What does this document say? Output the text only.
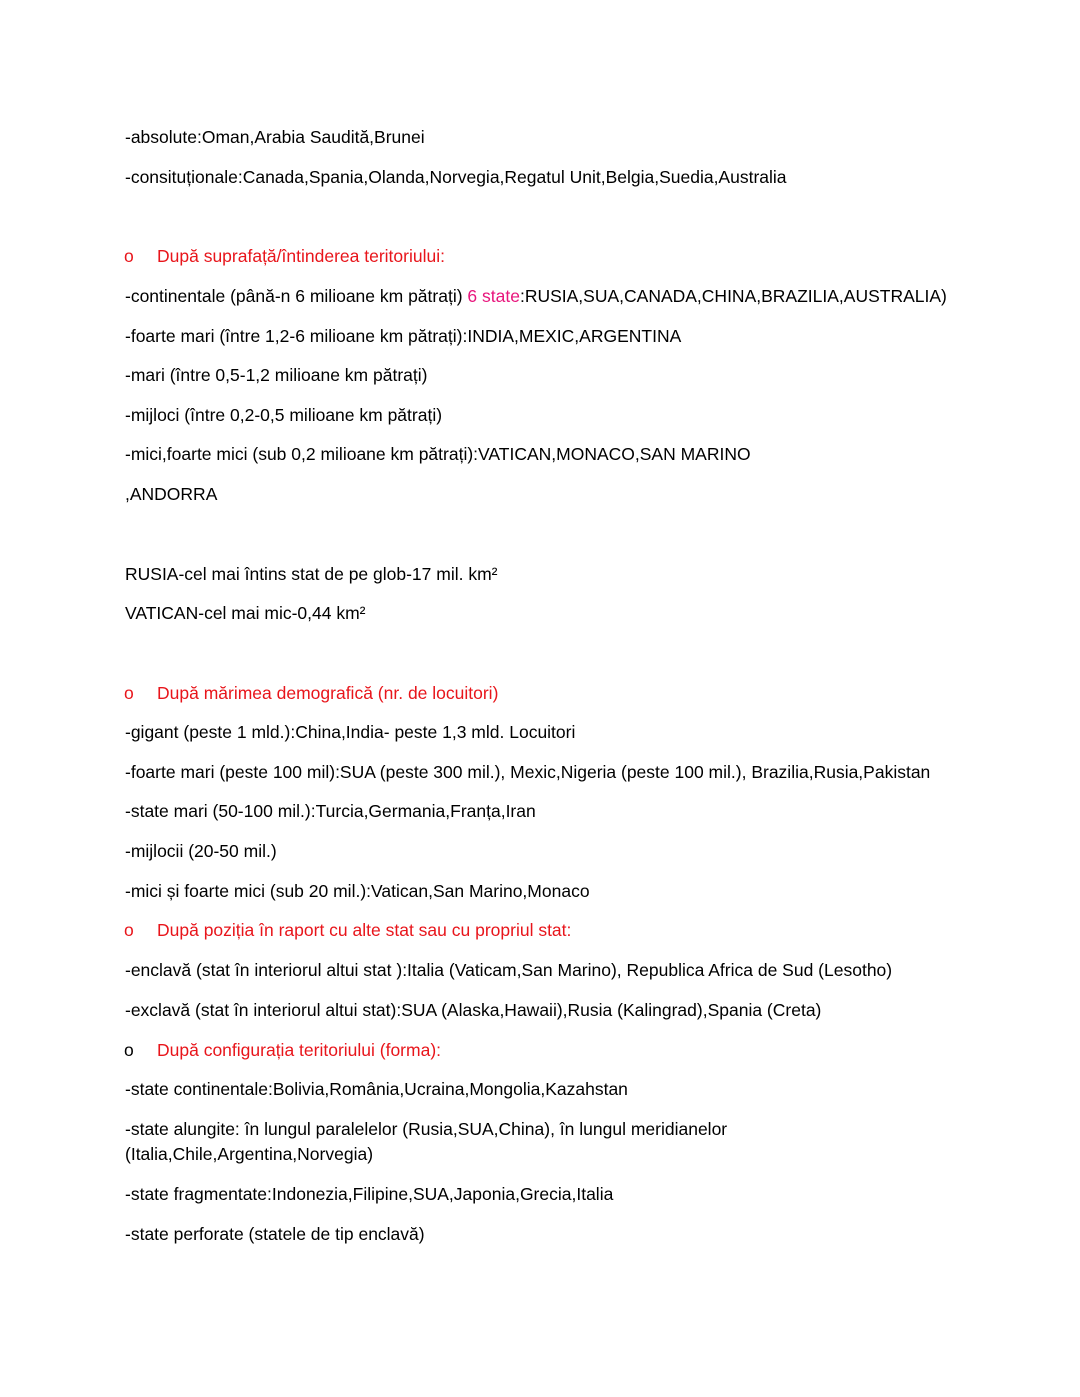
-absolute:Oman,Arabia Saudită,Brunei
-consituționale:Canada,Spania,Olanda,Norvegia,Regatul Unit,Belgia,Suedia,Australia
o După suprafață/întinderea teritoriului:
-continentale (până-n 6 milioane km pătrați) 6 state:RUSIA,SUA,CANADA,CHINA,BRAZILIA,AUSTRALIA)
-foarte mari (între 1,2-6 milioane km pătrați):INDIA,MEXIC,ARGENTINA
-mari (între 0,5-1,2 milioane km pătrați)
-mijloci (între 0,2-0,5 milioane km pătrați)
-mici,foarte mici (sub 0,2 milioane km pătrați):VATICAN,MONACO,SAN MARINO
,ANDORRA
RUSIA-cel mai întins stat de pe glob-17 mil. km²
VATICAN-cel mai mic-0,44 km²
o După mărimea demografică (nr. de locuitori)
-gigant (peste 1 mld.):China,India- peste 1,3 mld. Locuitori
-foarte mari (peste 100 mil):SUA (peste 300 mil.), Mexic,Nigeria (peste 100 mil.), Brazilia,Rusia,Pakistan
-state mari (50-100 mil.):Turcia,Germania,Franța,Iran
-mijlocii (20-50 mil.)
-mici și foarte mici (sub 20 mil.):Vatican,San Marino,Monaco
o După poziția în raport cu alte stat sau cu propriul stat:
-enclavă (stat în interiorul altui stat ):Italia (Vaticam,San Marino), Republica Africa de Sud (Lesotho)
-exclavă (stat în interiorul altui stat):SUA (Alaska,Hawaii),Rusia (Kalingrad),Spania (Creta)
o După configurația teritoriului (forma):
-state continentale:Bolivia,România,Ucraina,Mongolia,Kazahstan
-state alungite: în lungul paralelelor (Rusia,SUA,China), în lungul meridianelor (Italia,Chile,Argentina,Norvegia)
-state fragmentate:Indonezia,Filipine,SUA,Japonia,Grecia,Italia
-state perforate (statele de tip enclavă)
